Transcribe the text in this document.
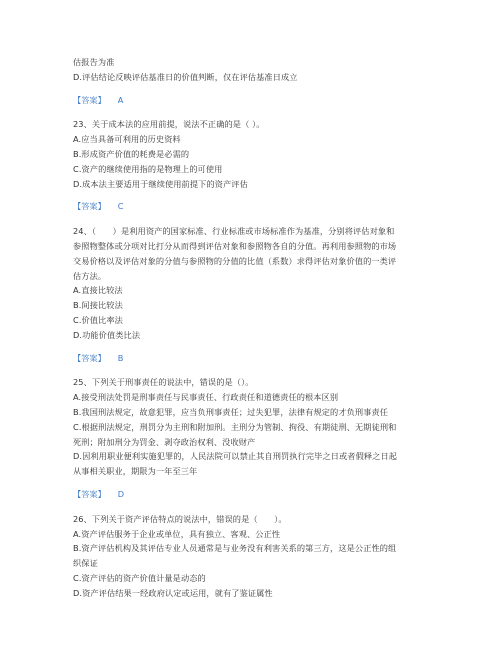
估报告为准
D.评估结论反映评估基准日的价值判断，仅在评估基准日成立
【答案】 A
23、关于成本法的应用前提，说法不正确的是（ ）。
A.应当具备可利用的历史资料
B.形成资产价值的耗费是必需的
C.资产的继续使用指的是物理上的可使用
D.成本法主要适用于继续使用前提下的资产评估
【答案】 C
24、（　　）是利用资产的国家标准、行业标准或市场标准作为基准，分别将评估对象和
参照物整体或分项对比打分从而得到评估对象和参照物各自的分值。再利用参照物的市场
交易价格以及评估对象的分值与参照物的分值的比值（系数）求得评估对象价值的一类评
估方法。
A.直接比较法
B.间接比较法
C.价值比率法
D.功能价值类比法
【答案】 B
25、下列关于刑事责任的说法中，错误的是（）。
A.接受刑法处罚是刑事责任与民事责任、行政责任和道德责任的根本区别
B.我国刑法规定，故意犯罪，应当负刑事责任；过失犯罪，法律有规定的才负刑事责任
C.根据刑法规定，刑罚分为主刑和附加刑。主刑分为管制、拘役、有期徒刑、无期徒刑和
死刑；附加刑分为罚金、剥夺政治权利、没收财产
D.因利用职业便利实施犯罪的，人民法院可以禁止其自刑罚执行完毕之日或者假释之日起
从事相关职业，期限为一年至三年
【答案】 D
26、下列关于资产评估特点的说法中，错误的是（　　）。
A.资产评估服务于企业或单位，具有独立、客观、公正性
B.资产评估机构及其评估专业人员通常是与业务没有利害关系的第三方，这是公正性的组
织保证
C.资产评估的资产价值计量是动态的
D.资产评估结果一经政府认定或运用，就有了鉴证属性
